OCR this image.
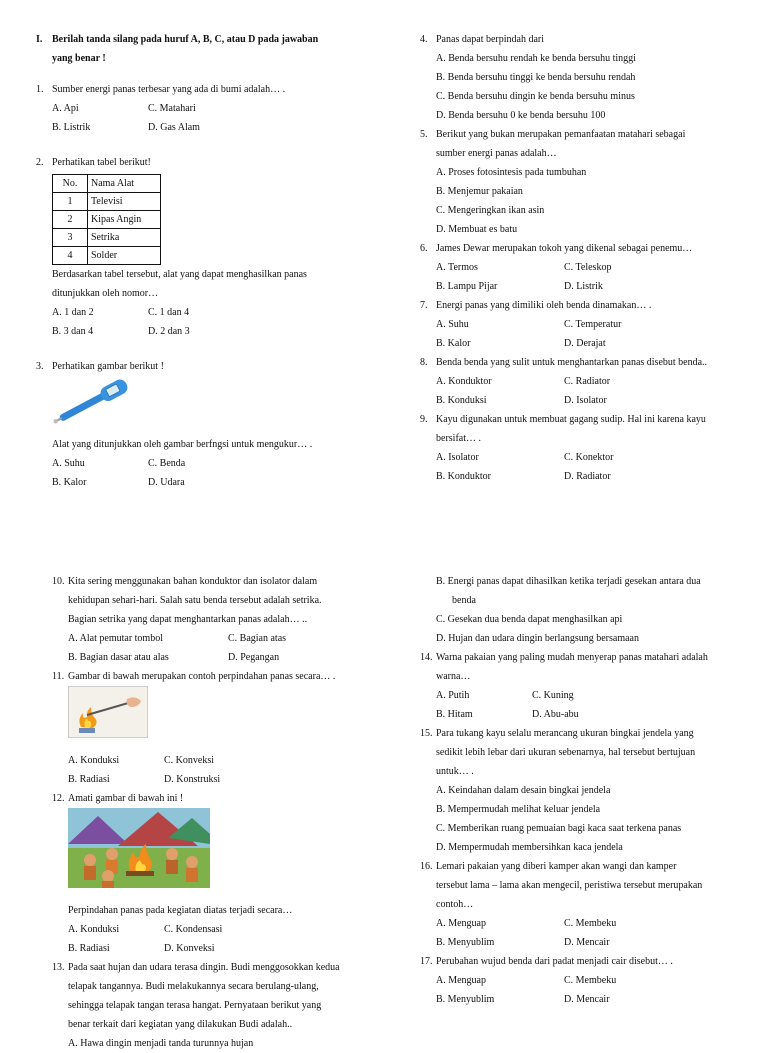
I. Berilah tanda silang pada huruf A, B, C, atau D pada jawaban
yang benar !
1. Sumber energi panas terbesar yang ada di bumi adalah… .
A. Api	C. Matahari
B. Listrik	D. Gas Alam
2. Perhatikan tabel berikut!
No.	Nama Alat
1	Televisi
2	Kipas Angin
3	Setrika
4	Solder
Berdasarkan tabel tersebut, alat yang dapat menghasilkan panas
ditunjukkan oleh nomor…
A. 1 dan 2	C. 1 dan 4
B. 3 dan 4	D. 2 dan 3
3. Perhatikan gambar berikut !
Alat yang ditunjukkan oleh gambar berfngsi untuk mengukur… .
A. Suhu	C. Benda
B. Kalor	D. Udara
4. Panas dapat berpindah dari
A. Benda bersuhu rendah ke benda bersuhu tinggi
B. Benda bersuhu tinggi ke benda bersuhu rendah
C. Benda bersuhu dingin ke benda bersuhu minus
D. Benda bersuhu 0 ke benda bersuhu 100
5. Berikut yang bukan merupakan pemanfaatan matahari sebagai
sumber energi panas adalah…
A. Proses fotosintesis pada tumbuhan
B. Menjemur pakaian
C. Mengeringkan ikan asin
D. Membuat es batu
6. James Dewar merupakan tokoh yang dikenal sebagai penemu…
A. Termos	C. Teleskop
B. Lampu Pijar	D. Listrik
7. Energi panas yang dimiliki oleh benda dinamakan… .
A. Suhu	C. Temperatur
B. Kalor	D. Derajat
8. Benda benda yang sulit untuk menghantarkan panas disebut benda..
A. Konduktor	C. Radiator
B. Konduksi	D. Isolator
9. Kayu digunakan untuk membuat gagang sudip. Hal ini karena kayu
bersifat… .
A. Isolator	C. Konektor
B. Konduktor	D. Radiator
10. Kita sering menggunakan bahan konduktor dan isolator dalam
kehidupan sehari-hari. Salah satu benda tersebut adalah setrika.
Bagian setrika yang dapat menghantarkan panas adalah… ..
A. Alat pemutar tombol	C. Bagian atas
B. Bagian dasar atau alas	D. Pegangan
11. Gambar di bawah merupakan contoh perpindahan panas secara… .
A. Konduksi	C. Konveksi
B. Radiasi	D. Konstruksi
12. Amati gambar di bawah ini !
Perpindahan panas pada kegiatan diatas terjadi secara…
A. Konduksi	C. Kondensasi
B. Radiasi	D. Konveksi
13. Pada saat hujan dan udara terasa dingin. Budi menggosokkan kedua
telapak tangannya. Budi melakukannya secara berulang-ulang,
sehingga telapak tangan terasa hangat. Pernyataan berikut yang
benar terkait dari kegiatan yang dilakukan Budi adalah..
A. Hawa dingin menjadi tanda turunnya hujan
B. Energi panas dapat dihasilkan ketika terjadi gesekan antara dua
benda
C. Gesekan dua benda dapat menghasilkan api
D. Hujan dan udara dingin berlangsung bersamaan
14. Warna pakaian yang paling mudah menyerap panas matahari adalah
warna…
A. Putih	C. Kuning
B. Hitam	D. Abu-abu
15. Para tukang kayu selalu merancang ukuran bingkai jendela yang
sedikit lebih lebar dari ukuran sebenarnya, hal tersebut bertujuan
untuk… .
A. Keindahan dalam desain bingkai jendela
B. Mempermudah melihat keluar jendela
C. Memberikan ruang pemuaian bagi kaca saat terkena panas
D. Mempermudah membersihkan kaca jendela
16. Lemari pakaian yang diberi kamper akan wangi dan kamper
tersebut lama – lama akan mengecil, peristiwa tersebut merupakan
contoh…
A. Menguap	C. Membeku
B. Menyublim	D. Mencair
17. Perubahan wujud benda dari padat menjadi cair disebut… .
A. Menguap	C. Membeku
B. Menyublim	D. Mencair
